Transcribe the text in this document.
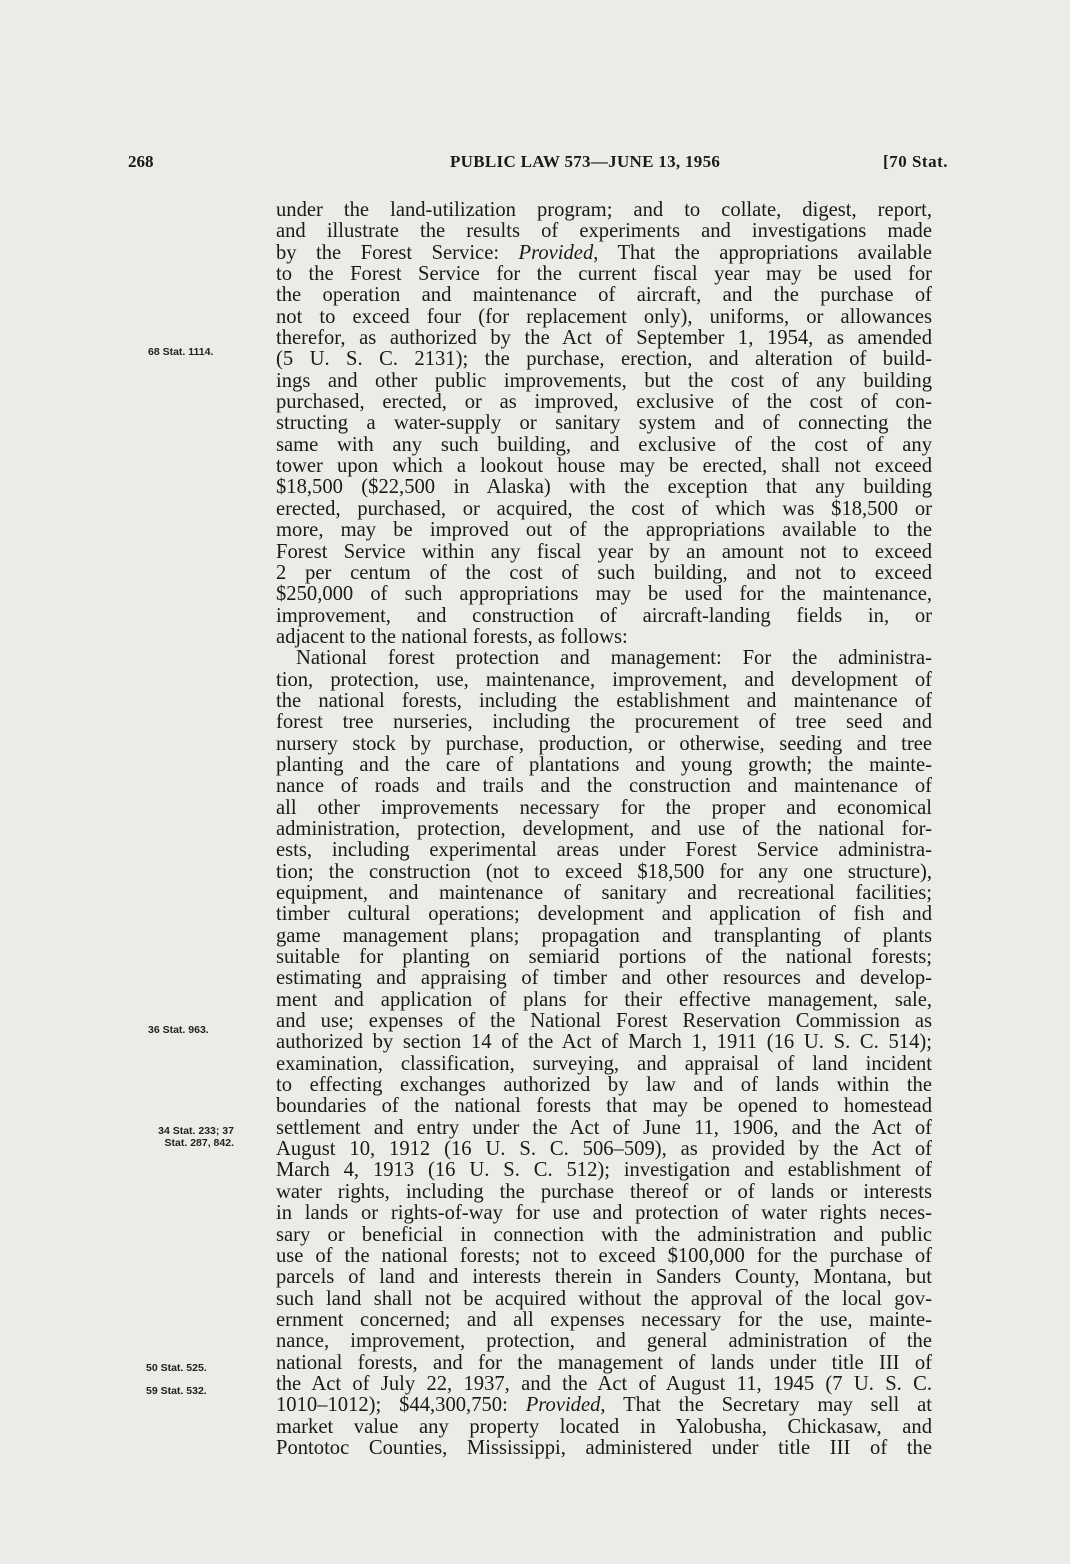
268	PUBLIC LAW 573—JUNE 13, 1956	[70 Stat.
68 Stat. 1114.
36 Stat. 963.
34 Stat. 233; 37
Stat. 287, 842.
50 Stat. 525.
59 Stat. 532.
under the land-utilization program; and to collate, digest, report,
and illustrate the results of experiments and investigations made
by the Forest Service: Provided, That the appropriations available
to the Forest Service for the current fiscal year may be used for
the operation and maintenance of aircraft, and the purchase of
not to exceed four (for replacement only), uniforms, or allowances
therefor, as authorized by the Act of September 1, 1954, as amended
(5 U. S. C. 2131); the purchase, erection, and alteration of build-
ings and other public improvements, but the cost of any building
purchased, erected, or as improved, exclusive of the cost of con-
structing a water-supply or sanitary system and of connecting the
same with any such building, and exclusive of the cost of any
tower upon which a lookout house may be erected, shall not exceed
$18,500 ($22,500 in Alaska) with the exception that any building
erected, purchased, or acquired, the cost of which was $18,500 or
more, may be improved out of the appropriations available to the
Forest Service within any fiscal year by an amount not to exceed
2 per centum of the cost of such building, and not to exceed
$250,000 of such appropriations may be used for the maintenance,
improvement, and construction of aircraft-landing fields in, or
adjacent to the national forests, as follows:
National forest protection and management: For the administra-
tion, protection, use, maintenance, improvement, and development of
the national forests, including the establishment and maintenance of
forest tree nurseries, including the procurement of tree seed and
nursery stock by purchase, production, or otherwise, seeding and tree
planting and the care of plantations and young growth; the mainte-
nance of roads and trails and the construction and maintenance of
all other improvements necessary for the proper and economical
administration, protection, development, and use of the national for-
ests, including experimental areas under Forest Service administra-
tion; the construction (not to exceed $18,500 for any one structure),
equipment, and maintenance of sanitary and recreational facilities;
timber cultural operations; development and application of fish and
game management plans; propagation and transplanting of plants
suitable for planting on semiarid portions of the national forests;
estimating and appraising of timber and other resources and develop-
ment and application of plans for their effective management, sale,
and use; expenses of the National Forest Reservation Commission as
authorized by section 14 of the Act of March 1, 1911 (16 U. S. C. 514);
examination, classification, surveying, and appraisal of land incident
to effecting exchanges authorized by law and of lands within the
boundaries of the national forests that may be opened to homestead
settlement and entry under the Act of June 11, 1906, and the Act of
August 10, 1912 (16 U. S. C. 506–509), as provided by the Act of
March 4, 1913 (16 U. S. C. 512); investigation and establishment of
water rights, including the purchase thereof or of lands or interests
in lands or rights-of-way for use and protection of water rights neces-
sary or beneficial in connection with the administration and public
use of the national forests; not to exceed $100,000 for the purchase of
parcels of land and interests therein in Sanders County, Montana, but
such land shall not be acquired without the approval of the local gov-
ernment concerned; and all expenses necessary for the use, mainte-
nance, improvement, protection, and general administration of the
national forests, and for the management of lands under title III of
the Act of July 22, 1937, and the Act of August 11, 1945 (7 U. S. C.
1010–1012); $44,300,750: Provided, That the Secretary may sell at
market value any property located in Yalobusha, Chickasaw, and
Pontotoc Counties, Mississippi, administered under title III of the
